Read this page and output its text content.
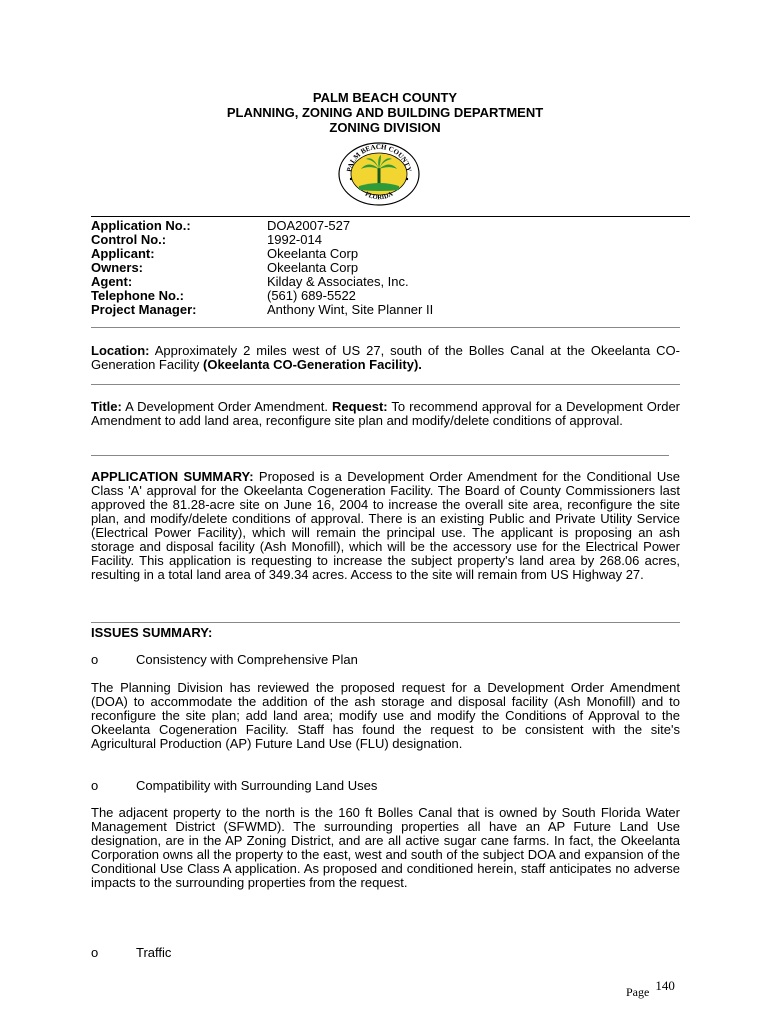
PALM BEACH COUNTY
PLANNING, ZONING AND BUILDING DEPARTMENT
ZONING DIVISION
PALM BEACH COUNTY
FLORIDA
Application No.:	DOA2007-527
Control No.:	1992-014
Applicant:	Okeelanta Corp
Owners:	Okeelanta Corp
Agent:	Kilday & Associates, Inc.
Telephone No.:	(561) 689-5522
Project Manager:	Anthony Wint, Site Planner II
Location: Approximately 2 miles west of US 27, south of the Bolles Canal at the Okeelanta CO-Generation Facility (Okeelanta CO-Generation Facility).
Title: A Development Order Amendment. Request: To recommend approval for a Development Order Amendment to add land area, reconfigure site plan and modify/delete conditions of approval.
APPLICATION SUMMARY: Proposed is a Development Order Amendment for the Conditional Use Class 'A' approval for the Okeelanta Cogeneration Facility. The Board of County Commissioners last approved the 81.28-acre site on June 16, 2004 to increase the overall site area, reconfigure the site plan, and modify/delete conditions of approval. There is an existing Public and Private Utility Service (Electrical Power Facility), which will remain the principal use. The applicant is proposing an ash storage and disposal facility (Ash Monofill), which will be the accessory use for the Electrical Power Facility. This application is requesting to increase the subject property's land area by 268.06 acres, resulting in a total land area of 349.34 acres. Access to the site will remain from US Highway 27.
ISSUES SUMMARY:
o	Consistency with Comprehensive Plan
The Planning Division has reviewed the proposed request for a Development Order Amendment (DOA) to accommodate the addition of the ash storage and disposal facility (Ash Monofill) and to reconfigure the site plan; add land area; modify use and modify the Conditions of Approval to the Okeelanta Cogeneration Facility. Staff has found the request to be consistent with the site's Agricultural Production (AP) Future Land Use (FLU) designation.
o	Compatibility with Surrounding Land Uses
The adjacent property to the north is the 160 ft Bolles Canal that is owned by South Florida Water Management District (SFWMD). The surrounding properties all have an AP Future Land Use designation, are in the AP Zoning District, and are all active sugar cane farms. In fact, the Okeelanta Corporation owns all the property to the east, west and south of the subject DOA and expansion of the Conditional Use Class A application. As proposed and conditioned herein, staff anticipates no adverse impacts to the surrounding properties from the request.
o	Traffic
Page 140
